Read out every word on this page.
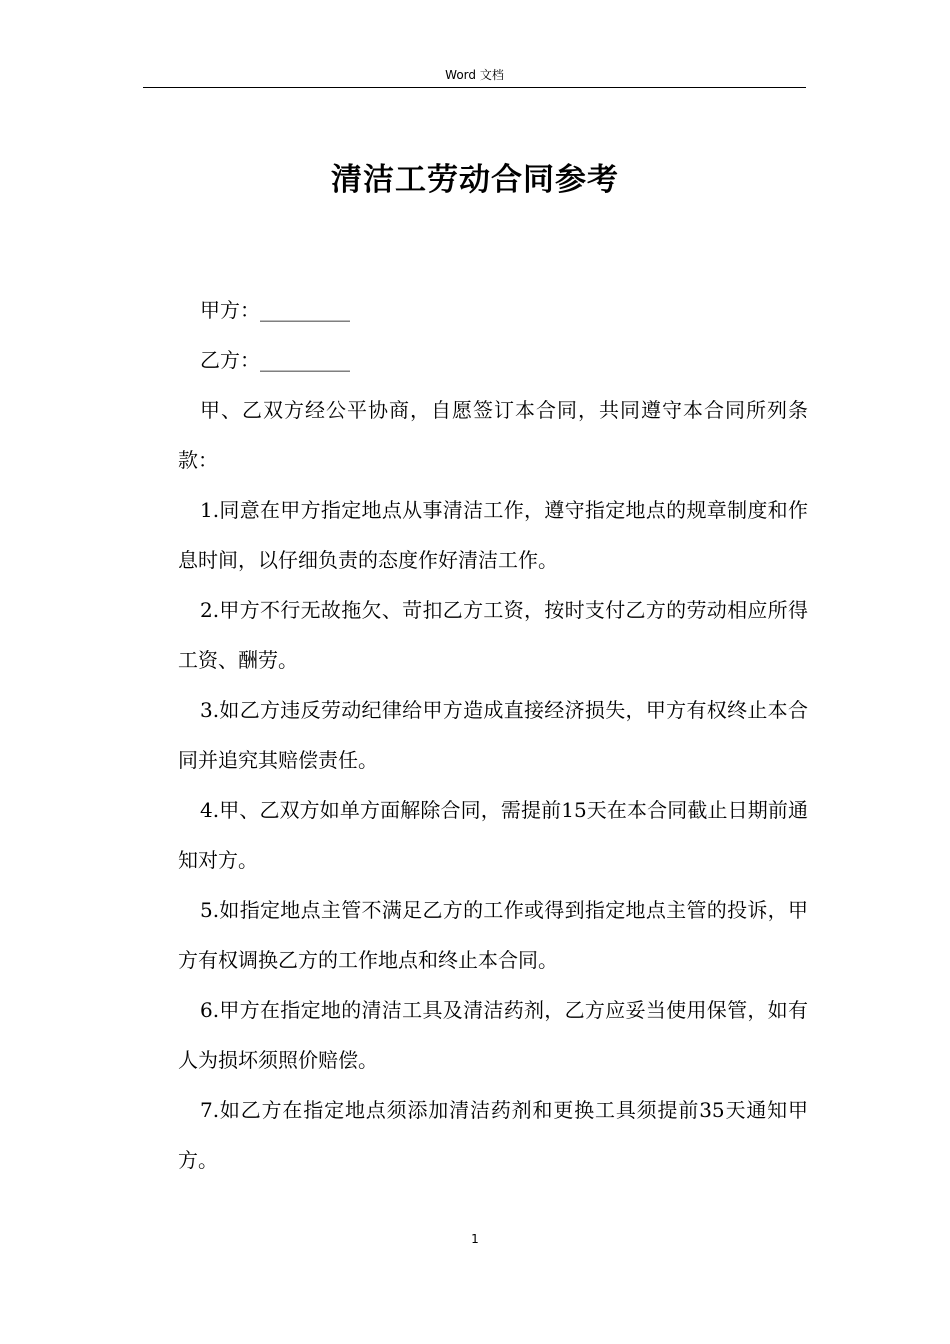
Word 文档
清洁工劳动合同参考

甲方：_________

乙方：_________

甲、乙双方经公平协商，自愿签订本合同，共同遵守本合同所列条款：

1.同意在甲方指定地点从事清洁工作，遵守指定地点的规章制度和作息时间，以仔细负责的态度作好清洁工作。

2.甲方不行无故拖欠、苛扣乙方工资，按时支付乙方的劳动相应所得工资、酬劳。

3.如乙方违反劳动纪律给甲方造成直接经济损失，甲方有权终止本合同并追究其赔偿责任。

4.甲、乙双方如单方面解除合同，需提前15天在本合同截止日期前通知对方。

5.如指定地点主管不满足乙方的工作或得到指定地点主管的投诉，甲方有权调换乙方的工作地点和终止本合同。

6.甲方在指定地的清洁工具及清洁药剂，乙方应妥当使用保管，如有人为损坏须照价赔偿。

7.如乙方在指定地点须添加清洁药剂和更换工具须提前35天通知甲方。

1
